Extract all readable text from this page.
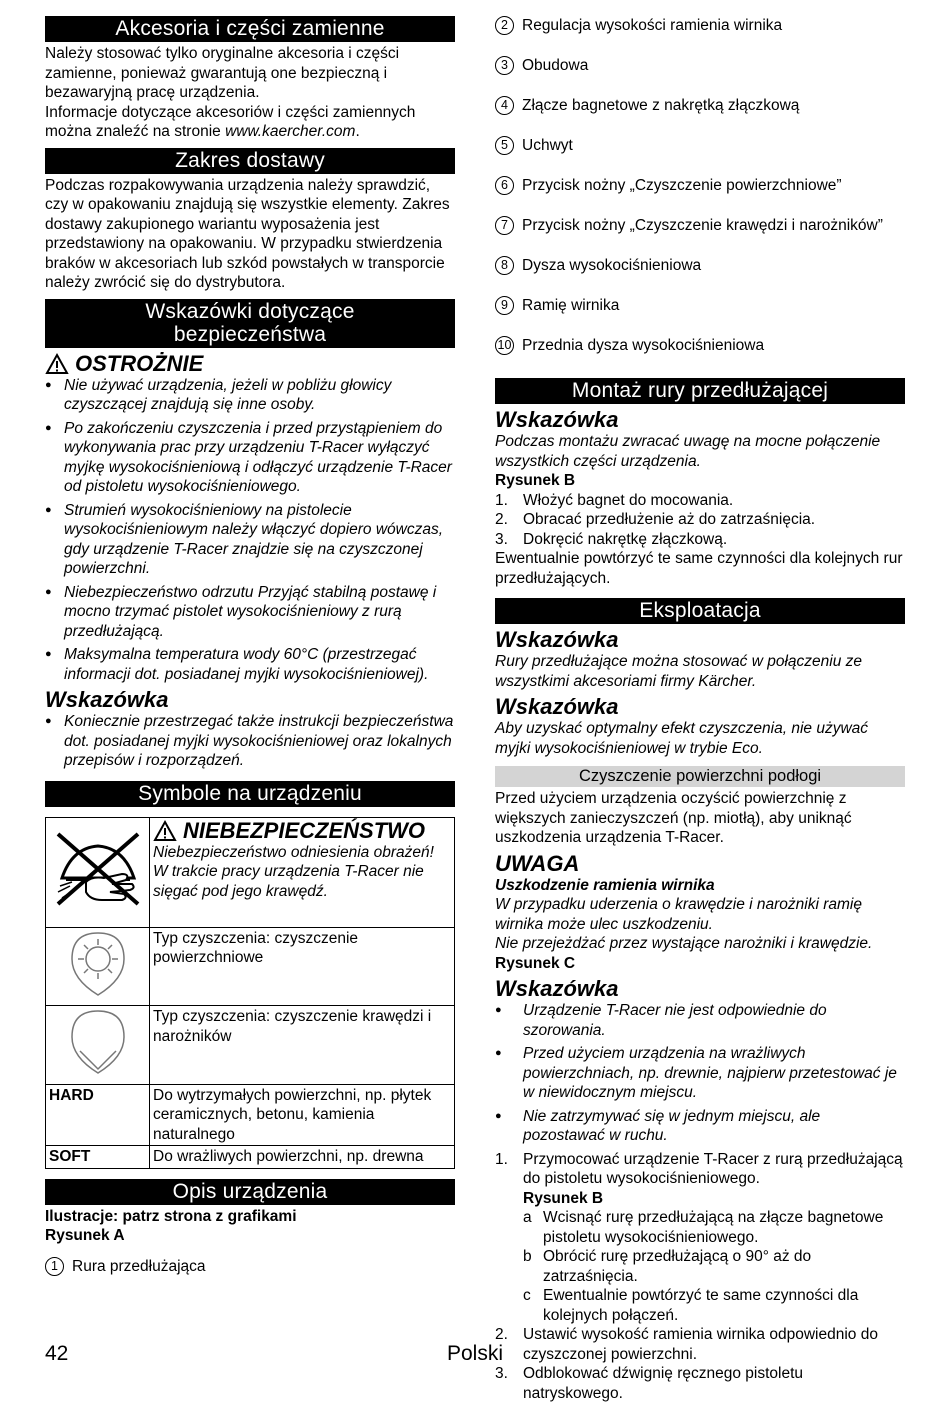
Akcesoria i części zamienne

Należy stosować tylko oryginalne akcesoria i części zamienne, ponieważ gwarantują one bezpieczną i bezawaryjną pracę urządzenia.

Informacje dotyczące akcesoriów i części zamiennych można znaleźć na stronie www.kaercher.com.

Zakres dostawy

Podczas rozpakowywania urządzenia należy sprawdzić, czy w opakowaniu znajdują się wszystkie elementy. Zakres dostawy zakupionego wariantu wyposażenia jest przedstawiony na opakowaniu. W przypadku stwierdzenia braków w akcesoriach lub szkód powstałych w transporcie należy zwrócić się do dystrybutora.

Wskazówki dotyczące
bezpieczeństwa
OSTROŻNIE
● Nie używać urządzenia, jeżeli w pobliżu głowicy czyszczącej znajdują się inne osoby.
● Po zakończeniu czyszczenia i przed przystąpieniem do wykonywania prac przy urządzeniu T-Racer wyłączyć myjkę wysokociśnieniową i odłączyć urządzenie T-Racer od pistoletu wysokociśnieniowego.
● Strumień wysokociśnieniowy na pistolecie wysokociśnieniowym należy włączyć dopiero wówczas, gdy urządzenie T-Racer znajdzie się na czyszczonej powierzchni.
● Niebezpieczeństwo odrzutu Przyjąć stabilną postawę i mocno trzymać pistolet wysokociśnieniowy z rurą przedłużającą.
● Maksymalna temperatura wody 60°C (przestrzegać informacji dot. posiadanej myjki wysokociśnieniowej).
Wskazówka
● Koniecznie przestrzegać także instrukcji bezpieczeństwa dot. posiadanej myjki wysokociśnieniowej oraz lokalnych przepisów i rozporządzeń.
Symbole na urządzeniu

NIEBEZPIECZEŃSTWO

Niebezpieczeństwo odniesienia obrażeń! W trakcie pracy urządzenia T-Racer nie sięgać pod jego krawędź.

	Typ czyszczenia: czyszczenie powierzchniowe
	Typ czyszczenia: czyszczenie krawędzi i narożników
HARD	Do wytrzymałych powierzchni, np. płytek ceramicznych, betonu, kamienia naturalnego
SOFT	Do wrażliwych powierzchni, np. drewna
Opis urządzenia

Ilustracje: patrz strona z grafikami

Rysunek A

1 Rura przedłużająca
2 Regulacja wysokości ramienia wirnika
3 Obudowa
4 Złącze bagnetowe z nakrętką złączkową
5 Uchwyt
6 Przycisk nożny „Czyszczenie powierzchniowe”
7 Przycisk nożny „Czyszczenie krawędzi i narożników”
8 Dysza wysokociśnieniowa
9 Ramię wirnika
10 Przednia dysza wysokociśnieniowa
Montaż rury przedłużającej
Wskazówka

Podczas montażu zwracać uwagę na mocne połączenie wszystkich części urządzenia.

Rysunek B

1. Włożyć bagnet do mocowania.
2. Obracać przedłużenie aż do zatrzaśnięcia.
3. Dokręcić nakrętkę złączkową.

Ewentualnie powtórzyć te same czynności dla kolejnych rur przedłużających.

Eksploatacja
Wskazówka

Rury przedłużające można stosować w połączeniu ze wszystkimi akcesoriami firmy Kärcher.

Wskazówka

Aby uzyskać optymalny efekt czyszczenia, nie używać myjki wysokociśnieniowej w trybie Eco.

Czyszczenie powierzchni podłogi

Przed użyciem urządzenia oczyścić powierzchnię z większych zanieczyszczeń (np. miotłą), aby uniknąć uszkodzenia urządzenia T-Racer.

UWAGA

Uszkodzenie ramienia wirnika

W przypadku uderzenia o krawędzie i narożniki ramię wirnika może ulec uszkodzeniu.

Nie przejeżdżać przez wystające narożniki i krawędzie.

Rysunek C

Wskazówka
● Urządzenie T-Racer nie jest odpowiednie do szorowania.
● Przed użyciem urządzenia na wrażliwych powierzchniach, np. drewnie, najpierw przetestować je w niewidocznym miejscu.
● Nie zatrzymywać się w jednym miejscu, ale pozostawać w ruchu.
1. Przymocować urządzenie T-Racer z rurą przedłużającą do pistoletu wysokociśnieniowego.
Rysunek B
a Wcisnąć rurę przedłużającą na złącze bagnetowe pistoletu wysokociśnieniowego.
b Obrócić rurę przedłużającą o 90° aż do zatrzaśnięcia.
c Ewentualnie powtórzyć te same czynności dla kolejnych połączeń.
2. Ustawić wysokość ramienia wirnika odpowiednio do czyszczonej powierzchni.
3. Odblokować dźwignię ręcznego pistoletu natryskowego.
42	Polski
